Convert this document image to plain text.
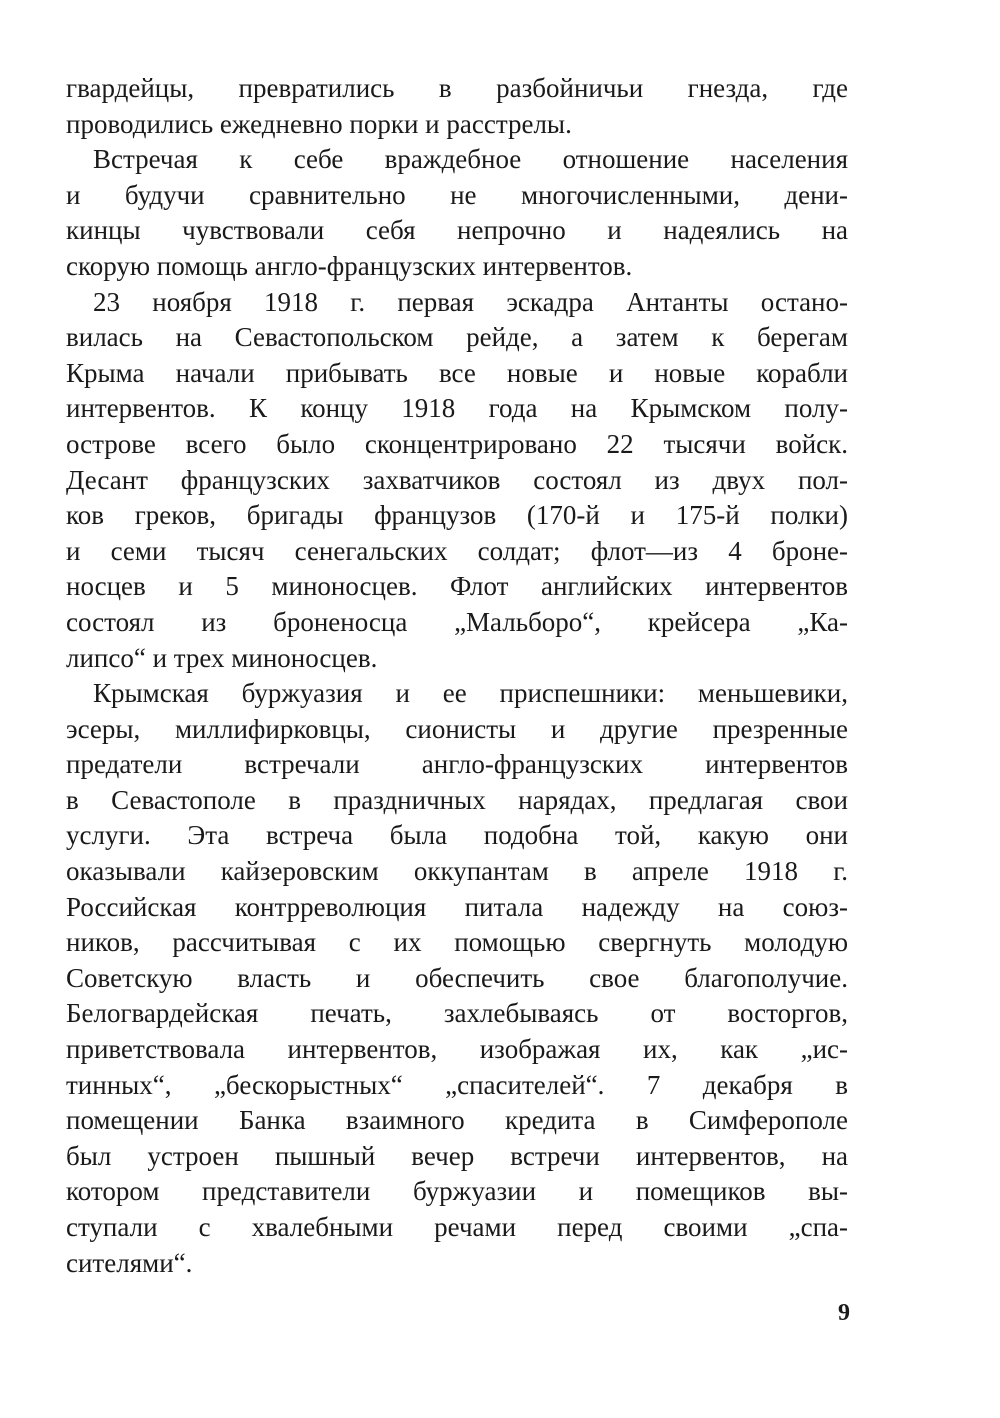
гвардейцы, превратились в разбойничьи гнезда, где
проводились ежедневно порки и расстрелы.
Встречая к себе враждебное отношение населения
и будучи сравнительно не многочисленными, дени-
кинцы чувствовали себя непрочно и надеялись на
скорую помощь англо-французских интервентов.
23 ноября 1918 г. первая эскадра Антанты остано-
вилась на Севастопольском рейде, а затем к берегам
Крыма начали прибывать все новые и новые корабли
интервентов. К концу 1918 года на Крымском полу-
острове всего было сконцентрировано 22 тысячи войск.
Десант французских захватчиков состоял из двух пол-
ков греков, бригады французов (170-й и 175-й полки)
и семи тысяч сенегальских солдат; флот—из 4 броне-
носцев и 5 миноносцев. Флот английских интервентов
состоял из броненосца „Мальборо“, крейсера „Ка-
липсо“ и трех миноносцев.
Крымская буржуазия и ее приспешники: меньшевики,
эсеры, миллифирковцы, сионисты и другие презренные
предатели встречали англо-французских интервентов
в Севастополе в праздничных нарядах, предлагая свои
услуги. Эта встреча была подобна той, какую они
оказывали кайзеровским оккупантам в апреле 1918 г.
Российская контрреволюция питала надежду на союз-
ников, рассчитывая с их помощью свергнуть молодую
Советскую власть и обеспечить свое благополучие.
Белогвардейская печать, захлебываясь от восторгов,
приветствовала интервентов, изображая их, как „ис-
тинных“, „бескорыстных“ „спасителей“. 7 декабря в
помещении Банка взаимного кредита в Симферополе
был устроен пышный вечер встречи интервентов, на
котором представители буржуазии и помещиков вы-
ступали с хвалебными речами перед своими „спа-
сителями“.
9
